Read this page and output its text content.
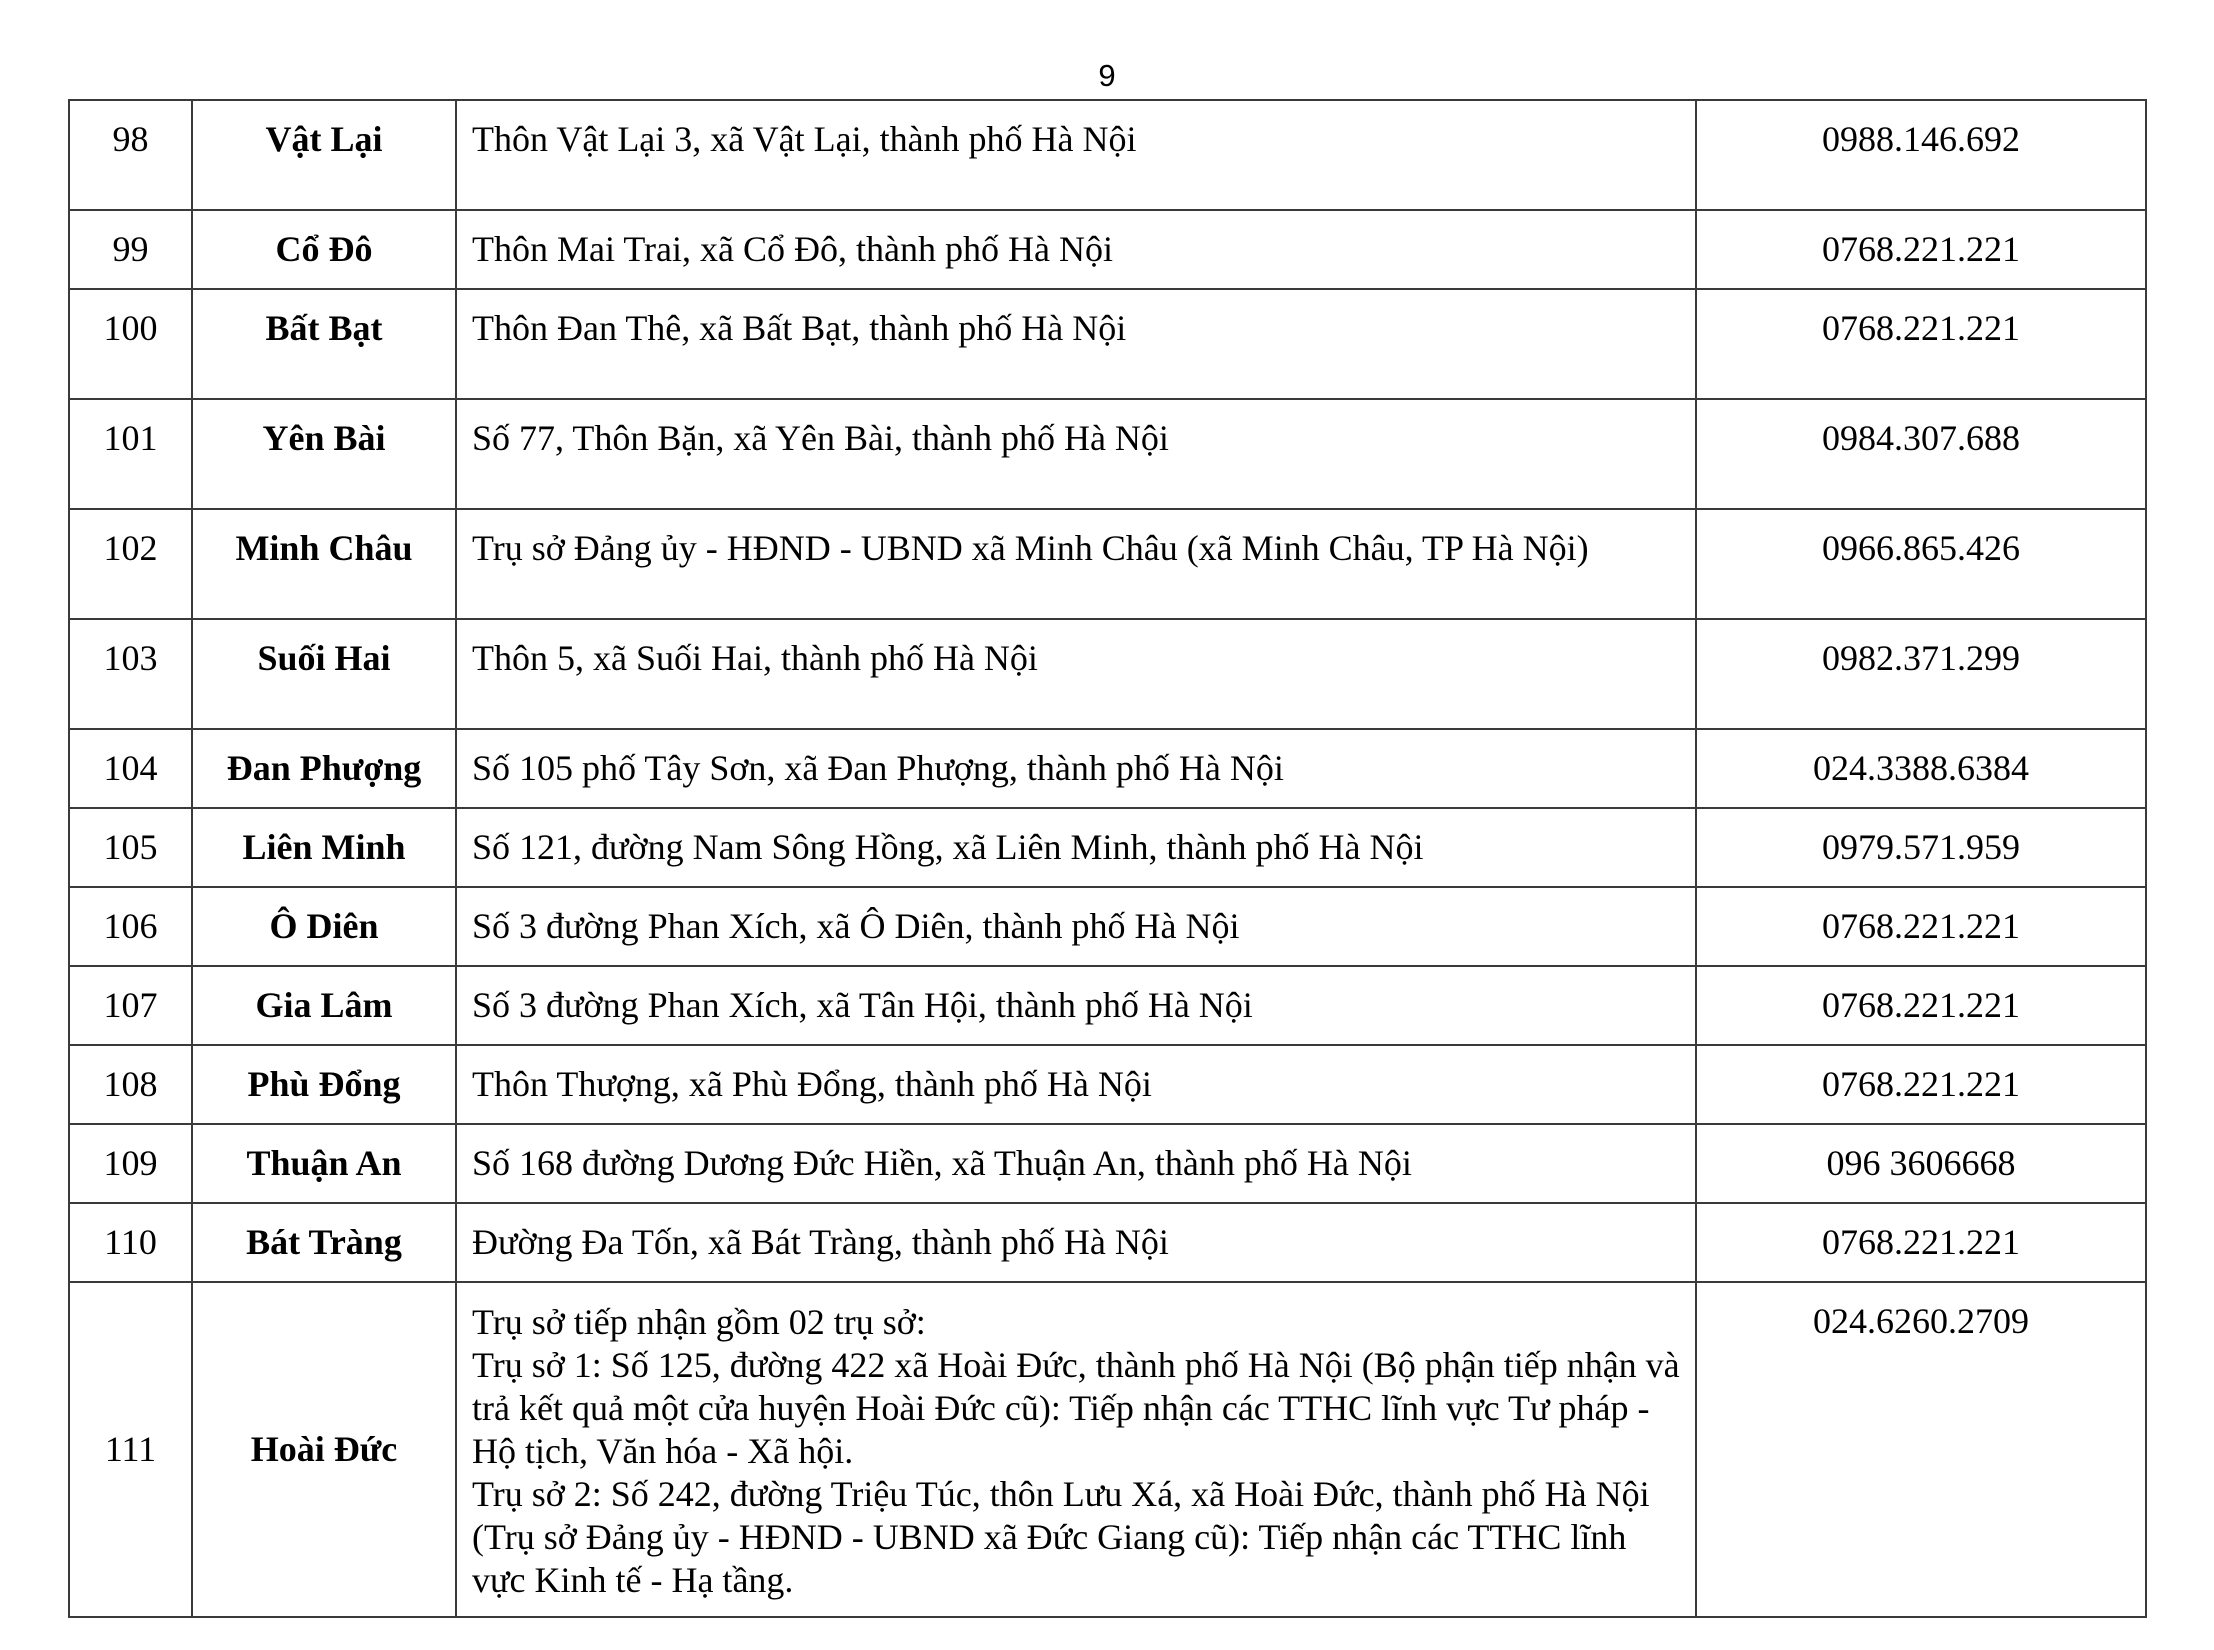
9
98	Vật Lại	Thôn Vật Lại 3, xã Vật Lại, thành phố Hà Nội	0988.146.692
99	Cổ Đô	Thôn Mai Trai, xã Cổ Đô, thành phố Hà Nội	0768.221.221
100	Bất Bạt	Thôn Đan Thê, xã Bất Bạt, thành phố Hà Nội	0768.221.221
101	Yên Bài	Số 77, Thôn Bặn, xã Yên Bài, thành phố Hà Nội	0984.307.688
102	Minh Châu	Trụ sở Đảng ủy - HĐND - UBND xã Minh Châu (xã Minh Châu, TP Hà Nội)	0966.865.426
103	Suối Hai	Thôn 5, xã Suối Hai, thành phố Hà Nội	0982.371.299
104	Đan Phượng	Số 105 phố Tây Sơn, xã Đan Phượng, thành phố Hà Nội	024.3388.6384
105	Liên Minh	Số 121, đường Nam Sông Hồng, xã Liên Minh, thành phố Hà Nội	0979.571.959
106	Ô Diên	Số 3 đường Phan Xích, xã Ô Diên, thành phố Hà Nội	0768.221.221
107	Gia Lâm	Số 3 đường Phan Xích, xã Tân Hội, thành phố Hà Nội	0768.221.221
108	Phù Đổng	Thôn Thượng, xã Phù Đổng, thành phố Hà Nội	0768.221.221
109	Thuận An	Số 168 đường Dương Đức Hiền, xã Thuận An, thành phố Hà Nội	096 3606668
110	Bát Tràng	Đường Đa Tốn, xã Bát Tràng, thành phố Hà Nội	0768.221.221
111	Hoài Đức	Trụ sở tiếp nhận gồm 02 trụ sở:
Trụ sở 1: Số 125, đường 422 xã Hoài Đức, thành phố Hà Nội (Bộ phận tiếp nhận và trả kết quả một cửa huyện Hoài Đức cũ): Tiếp nhận các TTHC lĩnh vực Tư pháp - Hộ tịch, Văn hóa - Xã hội.
Trụ sở 2: Số 242, đường Triệu Túc, thôn Lưu Xá, xã Hoài Đức, thành phố Hà Nội (Trụ sở Đảng ủy - HĐND - UBND xã Đức Giang cũ): Tiếp nhận các TTHC lĩnh vực Kinh tế - Hạ tầng.	024.6260.2709
